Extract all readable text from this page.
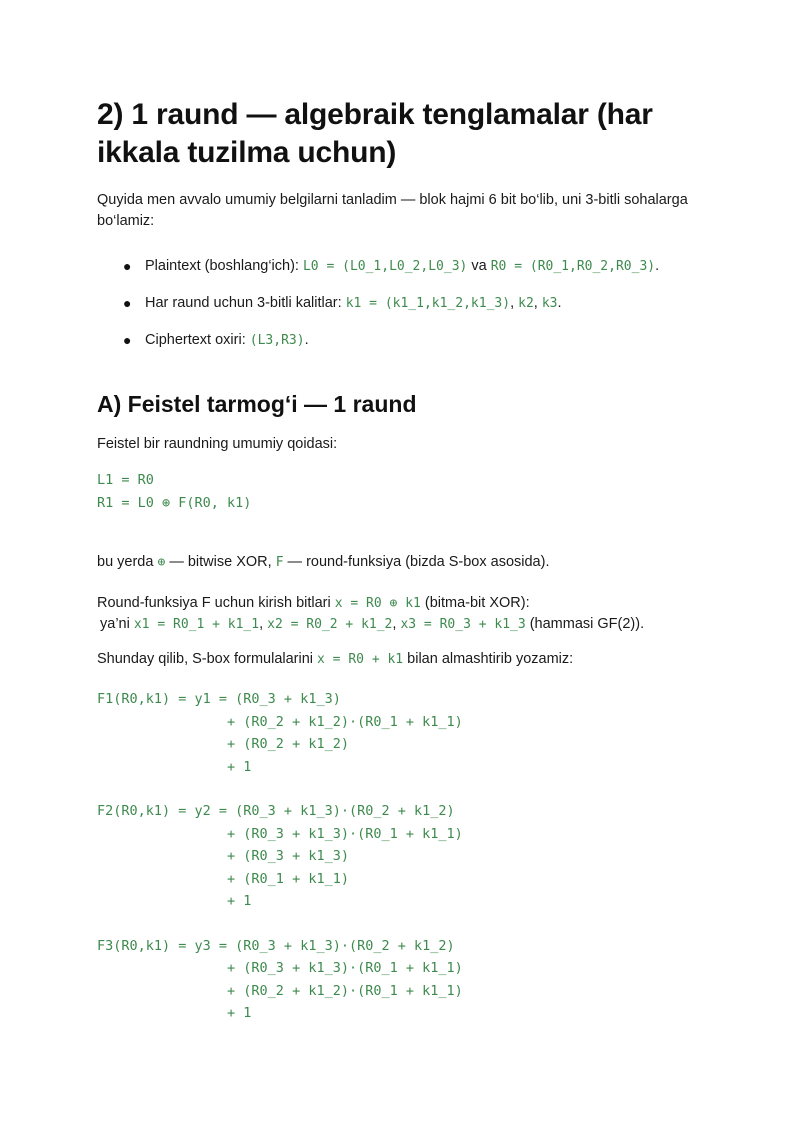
2) 1 raund — algebraik tenglamalar (har ikkala tuzilma uchun)

Quyida men avvalo umumiy belgilarni tanladim — blok hajmi 6 bit bo‘lib, uni 3-bitli sohalarga bo‘lamiz:

● Plaintext (boshlang‘ich): L0 = (L0_1,L0_2,L0_3) va R0 = (R0_1,R0_2,R0_3).
● Har raund uchun 3-bitli kalitlar: k1 = (k1_1,k1_2,k1_3), k2, k3.
● Ciphertext oxiri: (L3,R3).
A) Feistel tarmog‘i — 1 raund

Feistel bir raundning umumiy qoidasi:

L1 = R0
R1 = L0 ⊕ F(R0, k1)

bu yerda ⊕ — bitwise XOR, F — round-funksiya (bizda S-box asosida).

Round-funksiya F uchun kirish bitlari x = R0 ⊕ k1 (bitma-bit XOR):
ya’ni x1 = R0_1 + k1_1, x2 = R0_2 + k1_2, x3 = R0_3 + k1_3 (hammasi GF(2)).

Shunday qilib, S-box formulalarini x = R0 + k1 bilan almashtirib yozamiz:

F1(R0,k1) = y1 = (R0_3 + k1_3)
+ (R0_2 + k1_2)·(R0_1 + k1_1)
+ (R0_2 + k1_2)
+ 1
F2(R0,k1) = y2 = (R0_3 + k1_3)·(R0_2 + k1_2)
+ (R0_3 + k1_3)·(R0_1 + k1_1)
+ (R0_3 + k1_3)
+ (R0_1 + k1_1)
+ 1
F3(R0,k1) = y3 = (R0_3 + k1_3)·(R0_2 + k1_2)
+ (R0_3 + k1_3)·(R0_1 + k1_1)
+ (R0_2 + k1_2)·(R0_1 + k1_1)
+ 1
